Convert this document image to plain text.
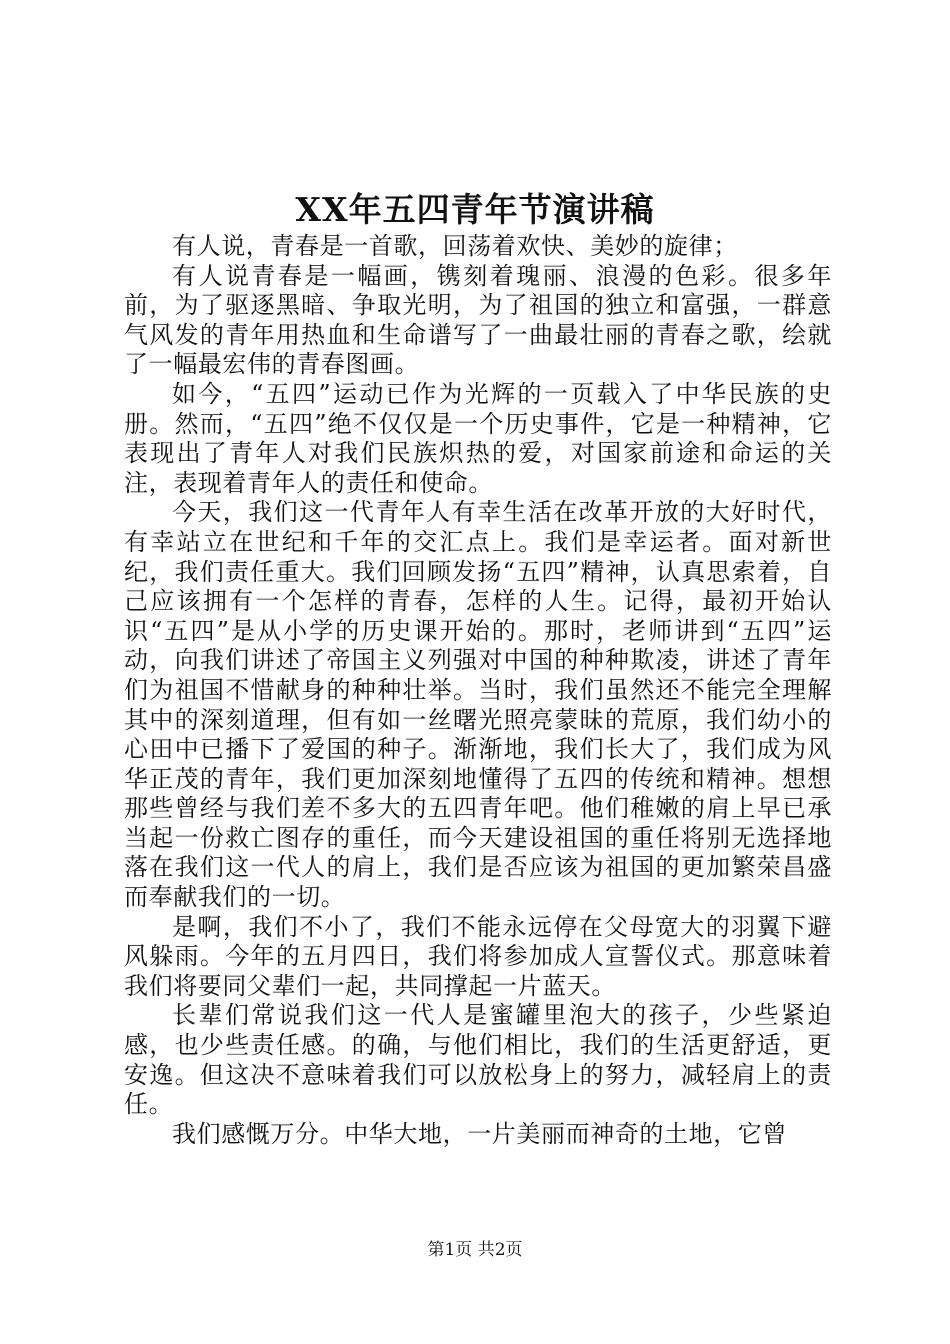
XX年五四青年节演讲稿

有人说，青春是一首歌，回荡着欢快、美妙的旋律；

有人说青春是一幅画，镌刻着瑰丽、浪漫的色彩。很多年前，为了驱逐黑暗、争取光明，为了祖国的独立和富强，一群意气风发的青年用热血和生命谱写了一曲最壮丽的青春之歌，绘就了一幅最宏伟的青春图画。

如今，“五四”运动已作为光辉的一页载入了中华民族的史册。然而，“五四”绝不仅仅是一个历史事件，它是一种精神，它表现出了青年人对我们民族炽热的爱，对国家前途和命运的关注，表现着青年人的责任和使命。

今天，我们这一代青年人有幸生活在改革开放的大好时代，有幸站立在世纪和千年的交汇点上。我们是幸运者。面对新世纪，我们责任重大。我们回顾发扬“五四”精神，认真思索着，自己应该拥有一个怎样的青春，怎样的人生。记得，最初开始认识“五四”是从小学的历史课开始的。那时，老师讲到“五四”运动，向我们讲述了帝国主义列强对中国的种种欺凌，讲述了青年们为祖国不惜献身的种种壮举。当时，我们虽然还不能完全理解其中的深刻道理，但有如一丝曙光照亮蒙昧的荒原，我们幼小的心田中已播下了爱国的种子。渐渐地，我们长大了，我们成为风华正茂的青年，我们更加深刻地懂得了五四的传统和精神。想想那些曾经与我们差不多大的五四青年吧。他们稚嫩的肩上早已承当起一份救亡图存的重任，而今天建设祖国的重任将别无选择地落在我们这一代人的肩上，我们是否应该为祖国的更加繁荣昌盛而奉献我们的一切。

是啊，我们不小了，我们不能永远停在父母宽大的羽翼下避风躲雨。今年的五月四日，我们将参加成人宣誓仪式。那意味着我们将要同父辈们一起，共同撑起一片蓝天。

长辈们常说我们这一代人是蜜罐里泡大的孩子，少些紧迫感，也少些责任感。的确，与他们相比，我们的生活更舒适，更安逸。但这决不意味着我们可以放松身上的努力，减轻肩上的责任。

我们感慨万分。中华大地，一片美丽而神奇的土地，它曾

第1页 共2页
